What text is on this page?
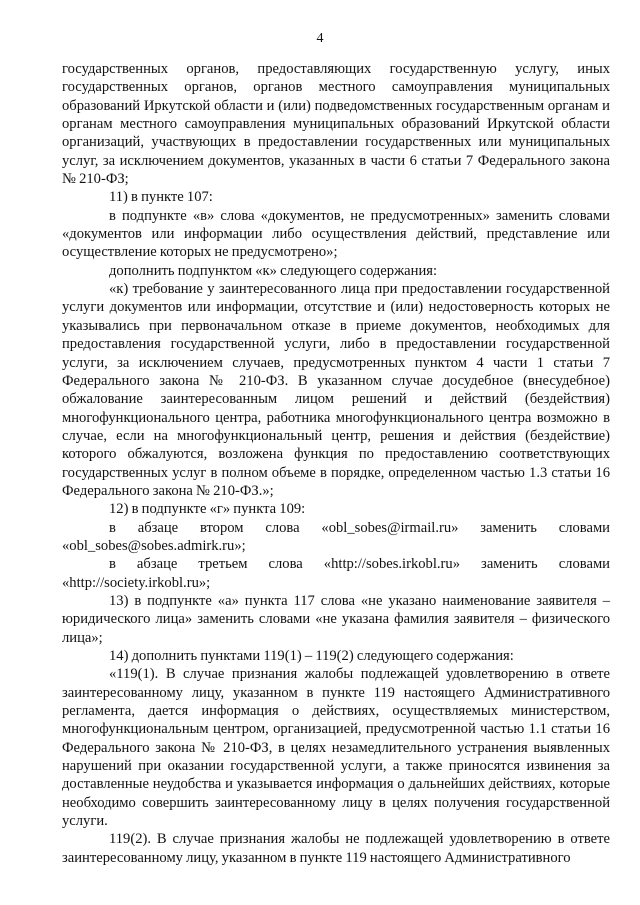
4

государственных органов, предоставляющих государственную услугу, иных государственных органов, органов местного самоуправления муниципальных образований Иркутской области и (или) подведомственных государственным органам и органам местного самоуправления муниципальных образований Иркутской области организаций, участвующих в предоставлении государственных или муниципальных услуг, за исключением документов, указанных в части 6 статьи 7 Федерального закона № 210-ФЗ;

11) в пункте 107:

в подпункте «в» слова «документов, не предусмотренных» заменить словами «документов или информации либо осуществления действий, представление или осуществление которых не предусмотрено»;

дополнить подпунктом «к» следующего содержания:

«к) требование у заинтересованного лица при предоставлении государственной услуги документов или информации, отсутствие и (или) недостоверность которых не указывались при первоначальном отказе в приеме документов, необходимых для предоставления государственной услуги, либо в предоставлении государственной услуги, за исключением случаев, предусмотренных пунктом 4 части 1 статьи 7 Федерального закона № 210-ФЗ. В указанном случае досудебное (внесудебное) обжалование заинтересованным лицом решений и действий (бездействия) многофункционального центра, работника многофункционального центра возможно в случае, если на многофункциональный центр, решения и действия (бездействие) которого обжалуются, возложена функция по предоставлению соответствующих государственных услуг в полном объеме в порядке, определенном частью 1.3 статьи 16 Федерального закона № 210-ФЗ.»;

12) в подпункте «г» пункта 109:

в абзаце втором слова «obl_sobes@irmail.ru» заменить словами «obl_sobes@sobes.admirk.ru»;

в абзаце третьем слова «http://sobes.irkobl.ru» заменить словами «http://society.irkobl.ru»;

13) в подпункте «а» пункта 117 слова «не указано наименование заявителя – юридического лица» заменить словами «не указана фамилия заявителя – физического лица»;

14) дополнить пунктами 119(1) – 119(2) следующего содержания:

«119(1). В случае признания жалобы подлежащей удовлетворению в ответе заинтересованному лицу, указанном в пункте 119 настоящего Административного регламента, дается информация о действиях, осуществляемых министерством, многофункциональным центром, организацией, предусмотренной частью 1.1 статьи 16 Федерального закона № 210-ФЗ, в целях незамедлительного устранения выявленных нарушений при оказании государственной услуги, а также приносятся извинения за доставленные неудобства и указывается информация о дальнейших действиях, которые необходимо совершить заинтересованному лицу в целях получения государственной услуги.

119(2). В случае признания жалобы не подлежащей удовлетворению в ответе заинтересованному лицу, указанном в пункте 119 настоящего Административного
